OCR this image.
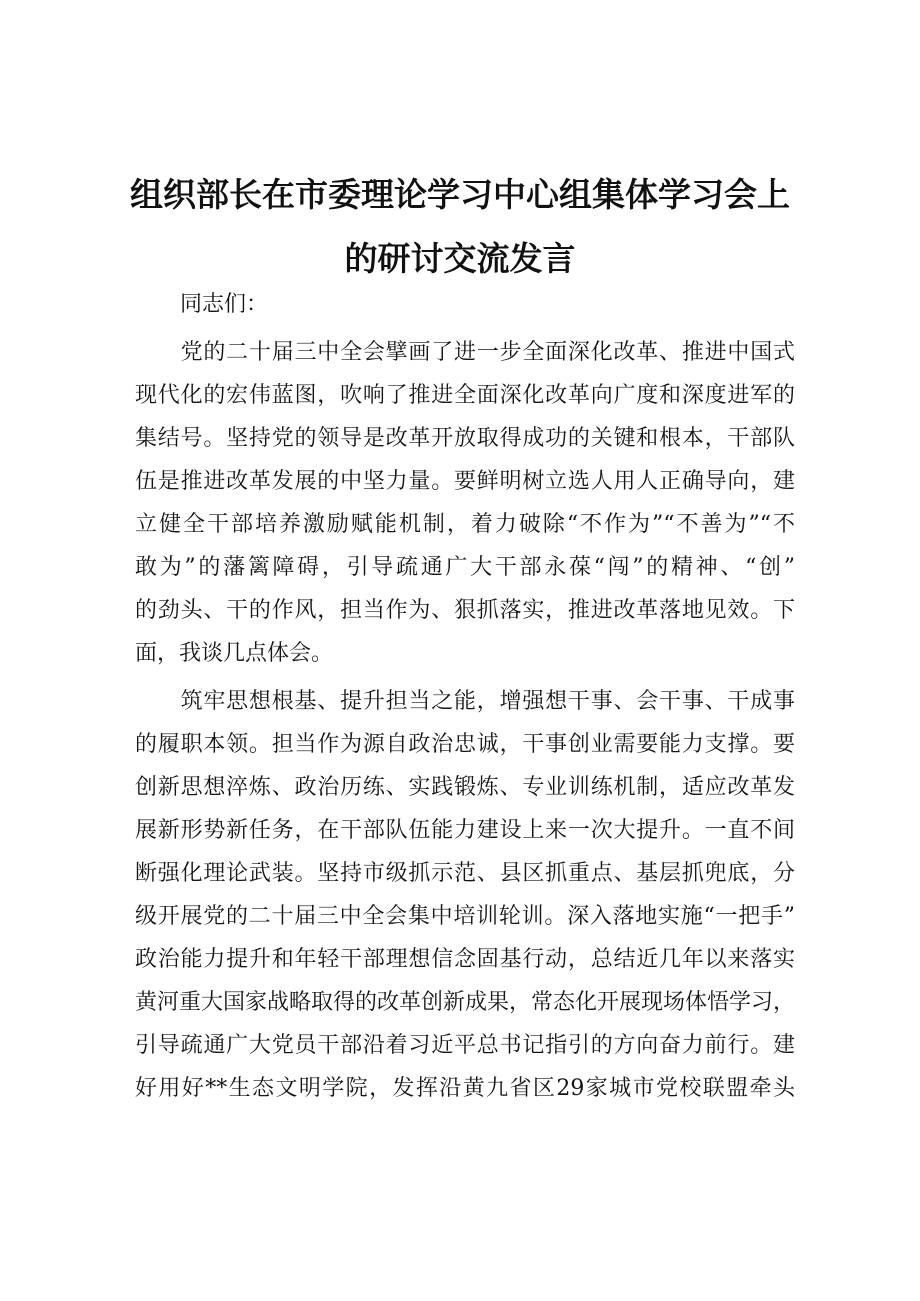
组织部长在市委理论学习中心组集体学习会上
的研讨交流发言
同志们：
　　党的二十届三中全会擘画了进一步全面深化改革、推进中国式
现代化的宏伟蓝图，吹响了推进全面深化改革向广度和深度进军的
集结号。坚持党的领导是改革开放取得成功的关键和根本，干部队
伍是推进改革发展的中坚力量。要鲜明树立选人用人正确导向，建
立健全干部培养激励赋能机制，着力破除“不作为”“不善为”“不
敢为”的藩篱障碍，引导疏通广大干部永葆“闯”的精神、“创”
的劲头、干的作风，担当作为、狠抓落实，推进改革落地见效。下
面，我谈几点体会。
　　筑牢思想根基、提升担当之能，增强想干事、会干事、干成事
的履职本领。担当作为源自政治忠诚，干事创业需要能力支撑。要
创新思想淬炼、政治历练、实践锻炼、专业训练机制，适应改革发
展新形势新任务，在干部队伍能力建设上来一次大提升。一直不间
断强化理论武装。坚持市级抓示范、县区抓重点、基层抓兜底，分
级开展党的二十届三中全会集中培训轮训。深入落地实施“一把手”
政治能力提升和年轻干部理想信念固基行动，总结近几年以来落实
黄河重大国家战略取得的改革创新成果，常态化开展现场体悟学习，
引导疏通广大党员干部沿着习近平总书记指引的方向奋力前行。建
好用好**生态文明学院，发挥沿黄九省区29家城市党校联盟牵头
